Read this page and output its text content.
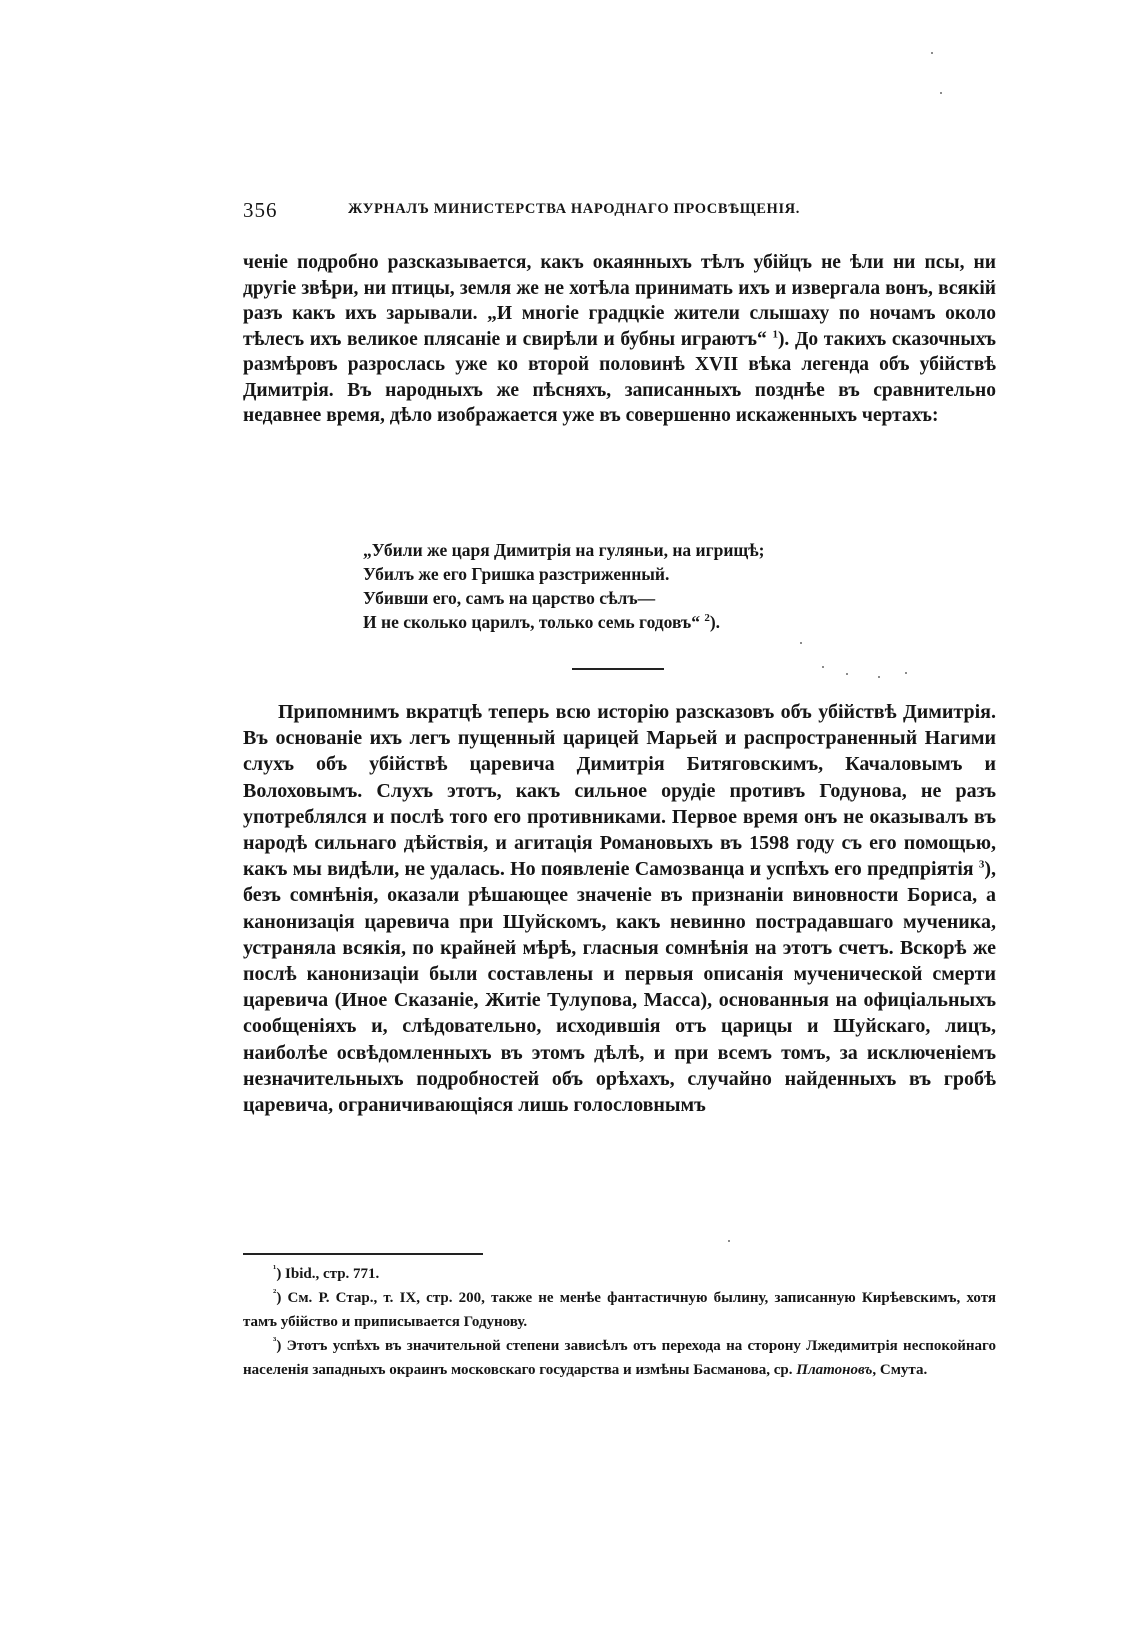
356	ЖУРНАЛЪ МИНИСТЕРСТВА НАРОДНАГО ПРОСВѢЩЕНІЯ.

ченіе подробно разсказывается, какъ окаянныхъ тѣлъ убійцъ не ѣли ни псы, ни другіе звѣри, ни птицы, земля же не хотѣла принимать ихъ и извергала вонъ, всякій разъ какъ ихъ зарывали. „И многіе градцкіе жители слышаху по ночамъ около тѣлесъ ихъ великое плясаніе и свирѣли и бубны играютъ“ $^1$). До такихъ сказочныхъ размѣровъ разрослась уже ко второй половинѣ XVII вѣка легенда объ убійствѣ Димитрія. Въ народныхъ же пѣсняхъ, записанныхъ позднѣе въ сравнительно недавнее время, дѣло изображается уже въ совершенно искаженныхъ чертахъ:

„Убили же царя Димитрія на гуляньи, на игрищѣ;
Убилъ же его Гришка разстриженный.
Убивши его, самъ на царство сѣлъ—
И не сколько царилъ, только семь годовъ“ $^2$).

Припомнимъ вкратцѣ теперь всю исторію разсказовъ объ убійствѣ Димитрія. Въ основаніе ихъ легъ пущенный царицей Марьей и распространенный Нагими слухъ объ убійствѣ царевича Димитрія Битяговскимъ, Качаловымъ и Волоховымъ. Слухъ этотъ, какъ сильное орудіе противъ Годунова, не разъ употреблялся и послѣ того его противниками. Первое время онъ не оказывалъ въ народѣ сильнаго дѣйствія, и агитація Романовыхъ въ 1598 году съ его помощью, какъ мы видѣли, не удалась. Но появленіе Самозванца и успѣхъ его предпріятія $^3$), безъ сомнѣнія, оказали рѣшающее значеніе въ признаніи виновности Бориса, а канонизація царевича при Шуйскомъ, какъ невинно пострадавшаго мученика, устраняла всякія, по крайней мѣрѣ, гласныя сомнѣнія на этотъ счетъ. Вскорѣ же послѣ канонизаціи были составлены и первыя описанія мученической смерти царевича (Иное Сказаніе, Житіе Тулупова, Масса), основанныя на офиціальныхъ сообщеніяхъ и, слѣдовательно, исходившія отъ царицы и Шуйскаго, лицъ, наиболѣе освѣдомленныхъ въ этомъ дѣлѣ, и при всемъ томъ, за исключеніемъ незначительныхъ подробностей объ орѣхахъ, случайно найденныхъ въ гробѣ царевича, ограничивающіяся лишь голословнымъ

$^{^1}$) Ibid., стр. 771.

$^{^2}$) См. Р. Стар., т. IX, стр. 200, также не менѣе фантастичную былину, записанную Кирѣевскимъ, хотя тамъ убійство и приписывается Годунову.

$^{^3}$) Этотъ успѣхъ въ значительной степени зависѣлъ отъ перехода на сторону Лжедимитрія неспокойнаго населенія западныхъ окраинъ московскаго государства и измѣны Басманова, ср. Платоновъ, Смута.
